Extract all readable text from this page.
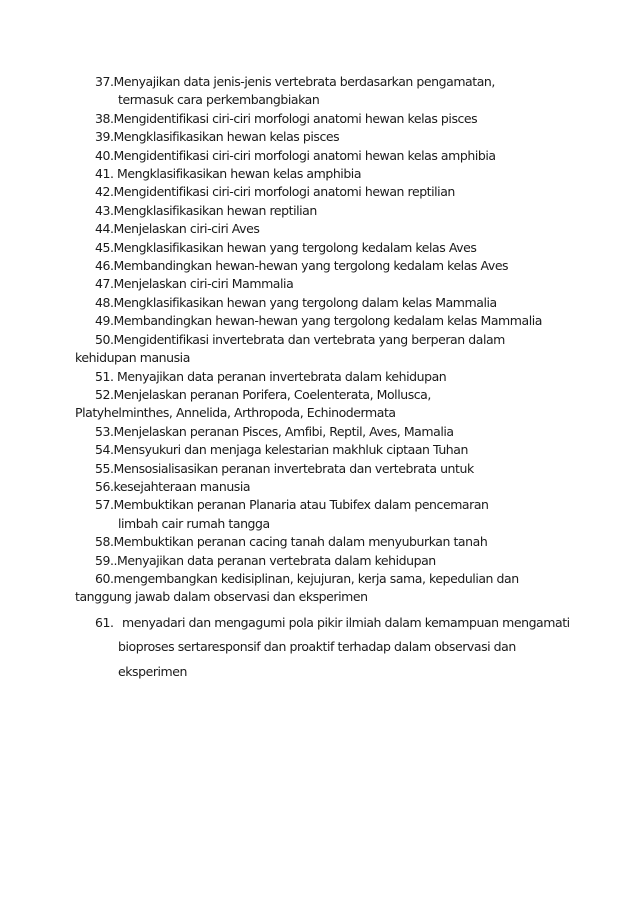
37.Menyajikan data jenis-jenis vertebrata berdasarkan pengamatan,
termasuk cara perkembangbiakan
38.Mengidentifikasi ciri-ciri morfologi anatomi hewan kelas pisces
39.Mengklasifikasikan hewan kelas pisces
40.Mengidentifikasi ciri-ciri morfologi anatomi hewan kelas amphibia
41. Mengklasifikasikan hewan kelas amphibia
42.Mengidentifikasi ciri-ciri morfologi anatomi hewan reptilian
43.Mengklasifikasikan hewan reptilian
44.Menjelaskan ciri-ciri Aves
45.Mengklasifikasikan hewan yang tergolong kedalam kelas Aves
46.Membandingkan hewan-hewan yang tergolong kedalam kelas Aves
47.Menjelaskan ciri-ciri Mammalia
48.Mengklasifikasikan hewan yang tergolong dalam kelas Mammalia
49.Membandingkan hewan-hewan yang tergolong kedalam kelas Mammalia
50.Mengidentifikasi invertebrata dan vertebrata yang berperan dalam
kehidupan manusia
51. Menyajikan data peranan invertebrata dalam kehidupan
52.Menjelaskan peranan Porifera, Coelenterata, Mollusca,
Platyhelminthes, Annelida, Arthropoda, Echinodermata
53.Menjelaskan peranan Pisces, Amfibi, Reptil, Aves, Mamalia
54.Mensyukuri dan menjaga kelestarian makhluk ciptaan Tuhan
55.Mensosialisasikan peranan invertebrata dan vertebrata untuk
56.kesejahteraan manusia
57.Membuktikan peranan Planaria atau Tubifex dalam pencemaran
limbah cair rumah tangga
58.Membuktikan peranan cacing tanah dalam menyuburkan tanah
59..Menyajikan data peranan vertebrata dalam kehidupan
60.mengembangkan kedisiplinan, kejujuran, kerja sama, kepedulian dan
tanggung jawab dalam observasi dan eksperimen
61. menyadari dan mengagumi pola pikir ilmiah dalam kemampuan mengamati
bioproses sertaresponsif dan proaktif terhadap dalam observasi dan
eksperimen
